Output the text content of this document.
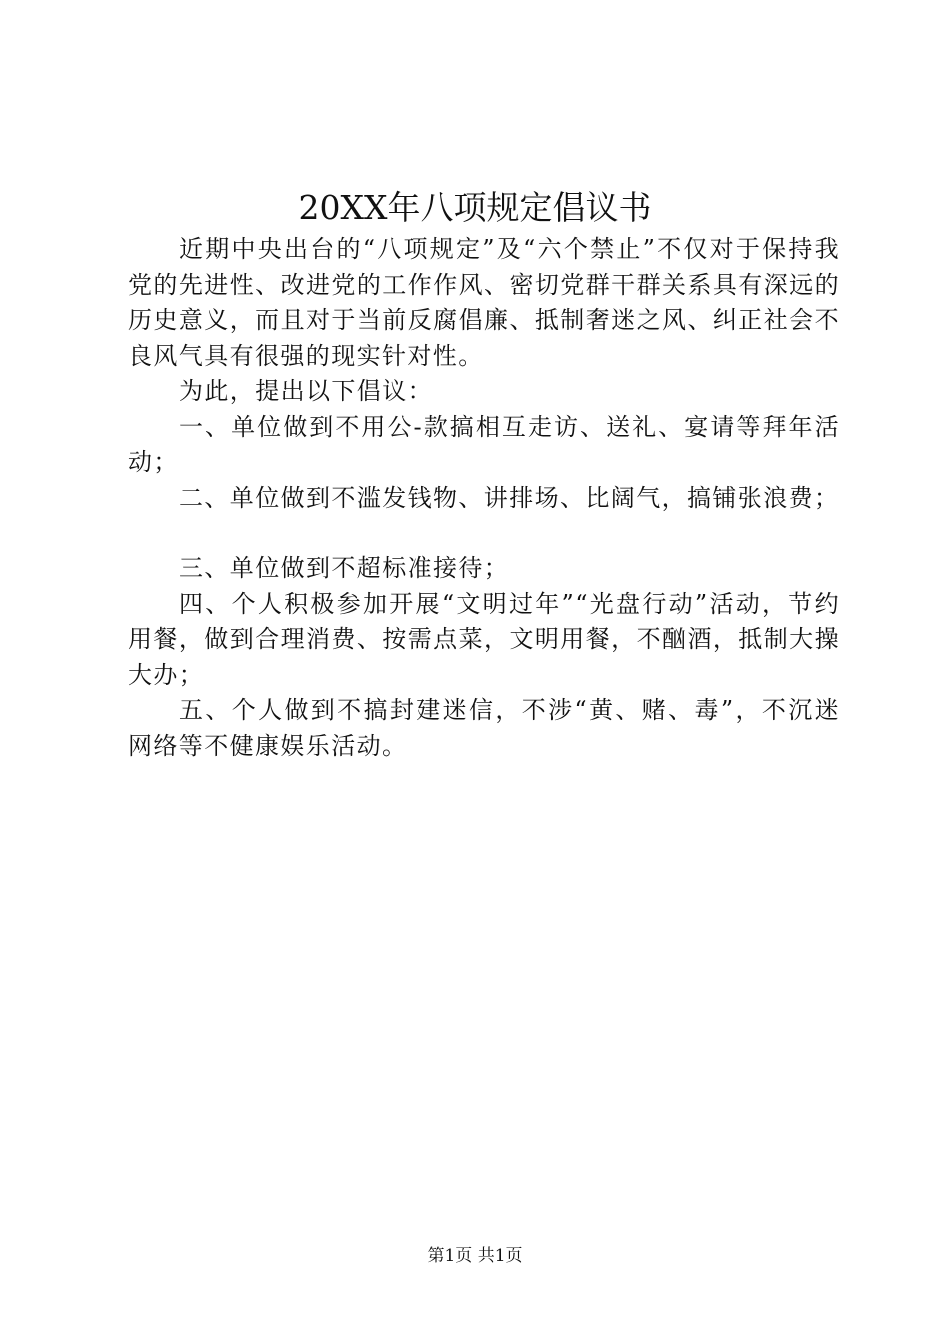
20XX年八项规定倡议书

近期中央出台的“八项规定”及“六个禁止”不仅对于保持我党的先进性、改进党的工作作风、密切党群干群关系具有深远的历史意义，而且对于当前反腐倡廉、抵制奢迷之风、纠正社会不良风气具有很强的现实针对性。

为此，提出以下倡议：

一、单位做到不用公-款搞相互走访、送礼、宴请等拜年活动；

二、单位做到不滥发钱物、讲排场、比阔气，搞铺张浪费；

三、单位做到不超标准接待；

四、个人积极参加开展“文明过年”“光盘行动”活动，节约用餐，做到合理消费、按需点菜，文明用餐，不酗酒，抵制大操大办；

五、个人做到不搞封建迷信，不涉“黄、赌、毒”，不沉迷网络等不健康娱乐活动。

第1页 共1页
